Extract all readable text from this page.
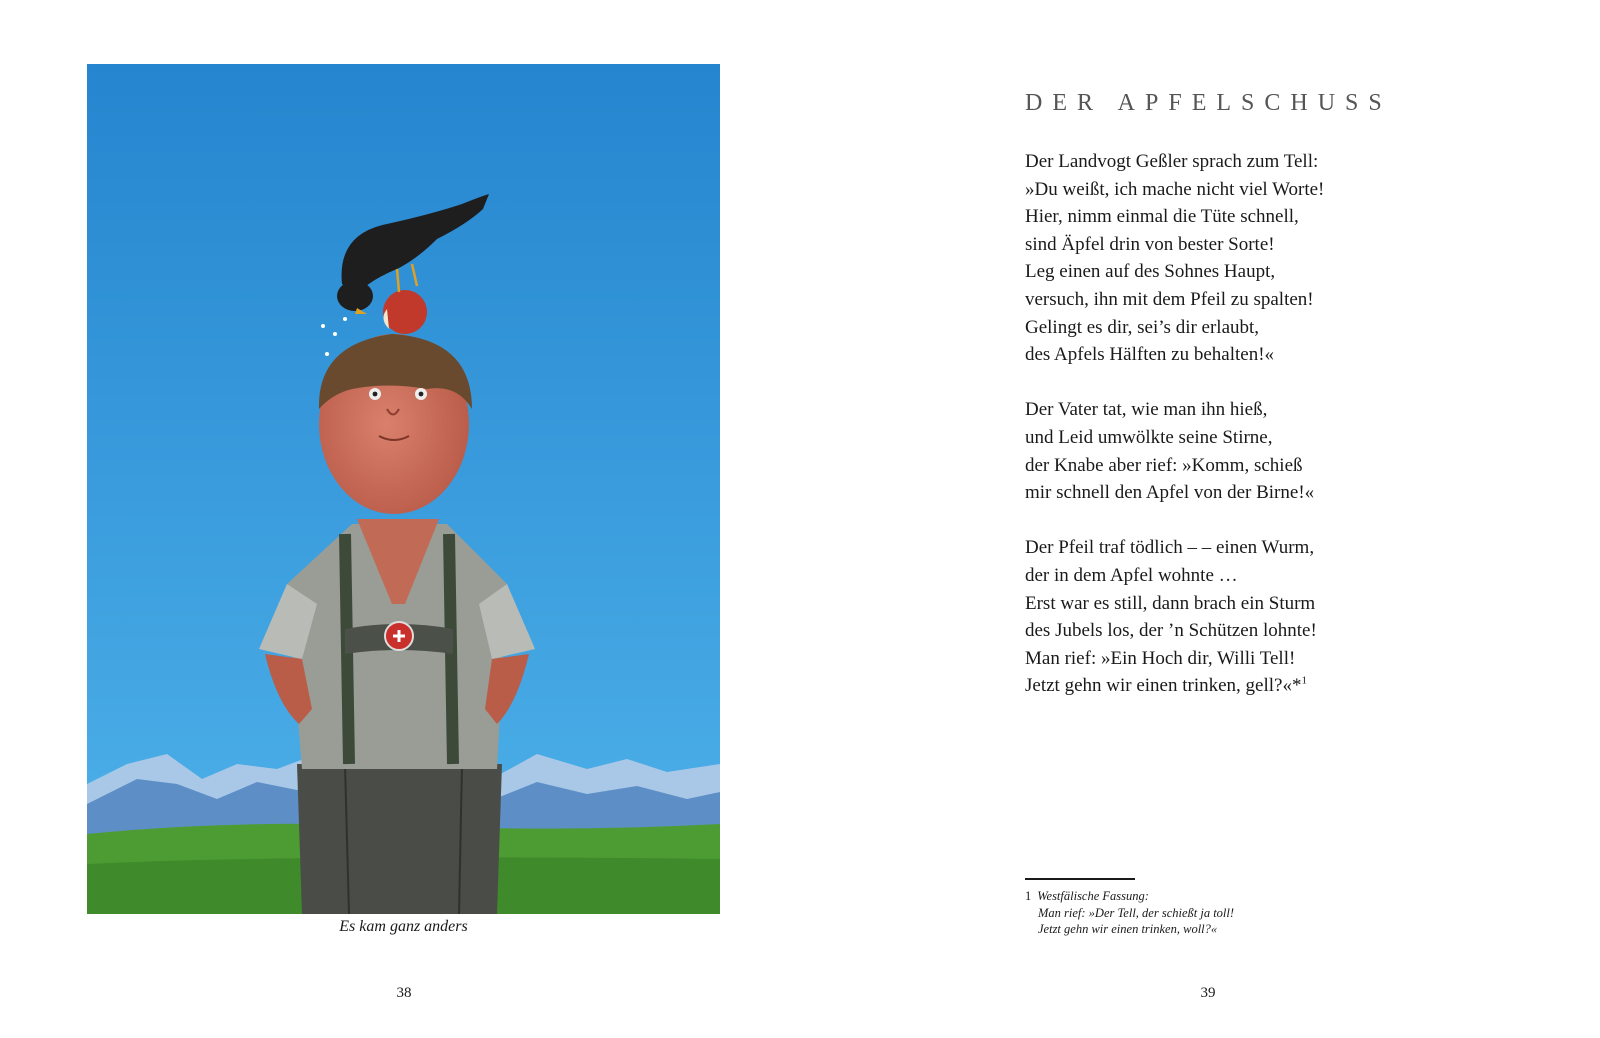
Es kam ganz anders
38
DER APFELSCHUSS
Der Landvogt Geßler sprach zum Tell:
»Du weißt, ich mache nicht viel Worte!
Hier, nimm einmal die Tüte schnell,
sind Äpfel drin von bester Sorte!
Leg einen auf des Sohnes Haupt,
versuch, ihn mit dem Pfeil zu spalten!
Gelingt es dir, sei’s dir erlaubt,
des Apfels Hälften zu behalten!«
Der Vater tat, wie man ihn hieß,
und Leid umwölkte seine Stirne,
der Knabe aber rief: »Komm, schieß
mir schnell den Apfel von der Birne!«
Der Pfeil traf tödlich – – einen Wurm,
der in dem Apfel wohnte …
Erst war es still, dann brach ein Sturm
des Jubels los, der ’n Schützen lohnte!
Man rief: »Ein Hoch dir, Willi Tell!
Jetzt gehn wir einen trinken, gell?«*$^1$
1 Westfälische Fassung:
Man rief: »Der Tell, der schießt ja toll!
Jetzt gehn wir einen trinken, woll?«
39
